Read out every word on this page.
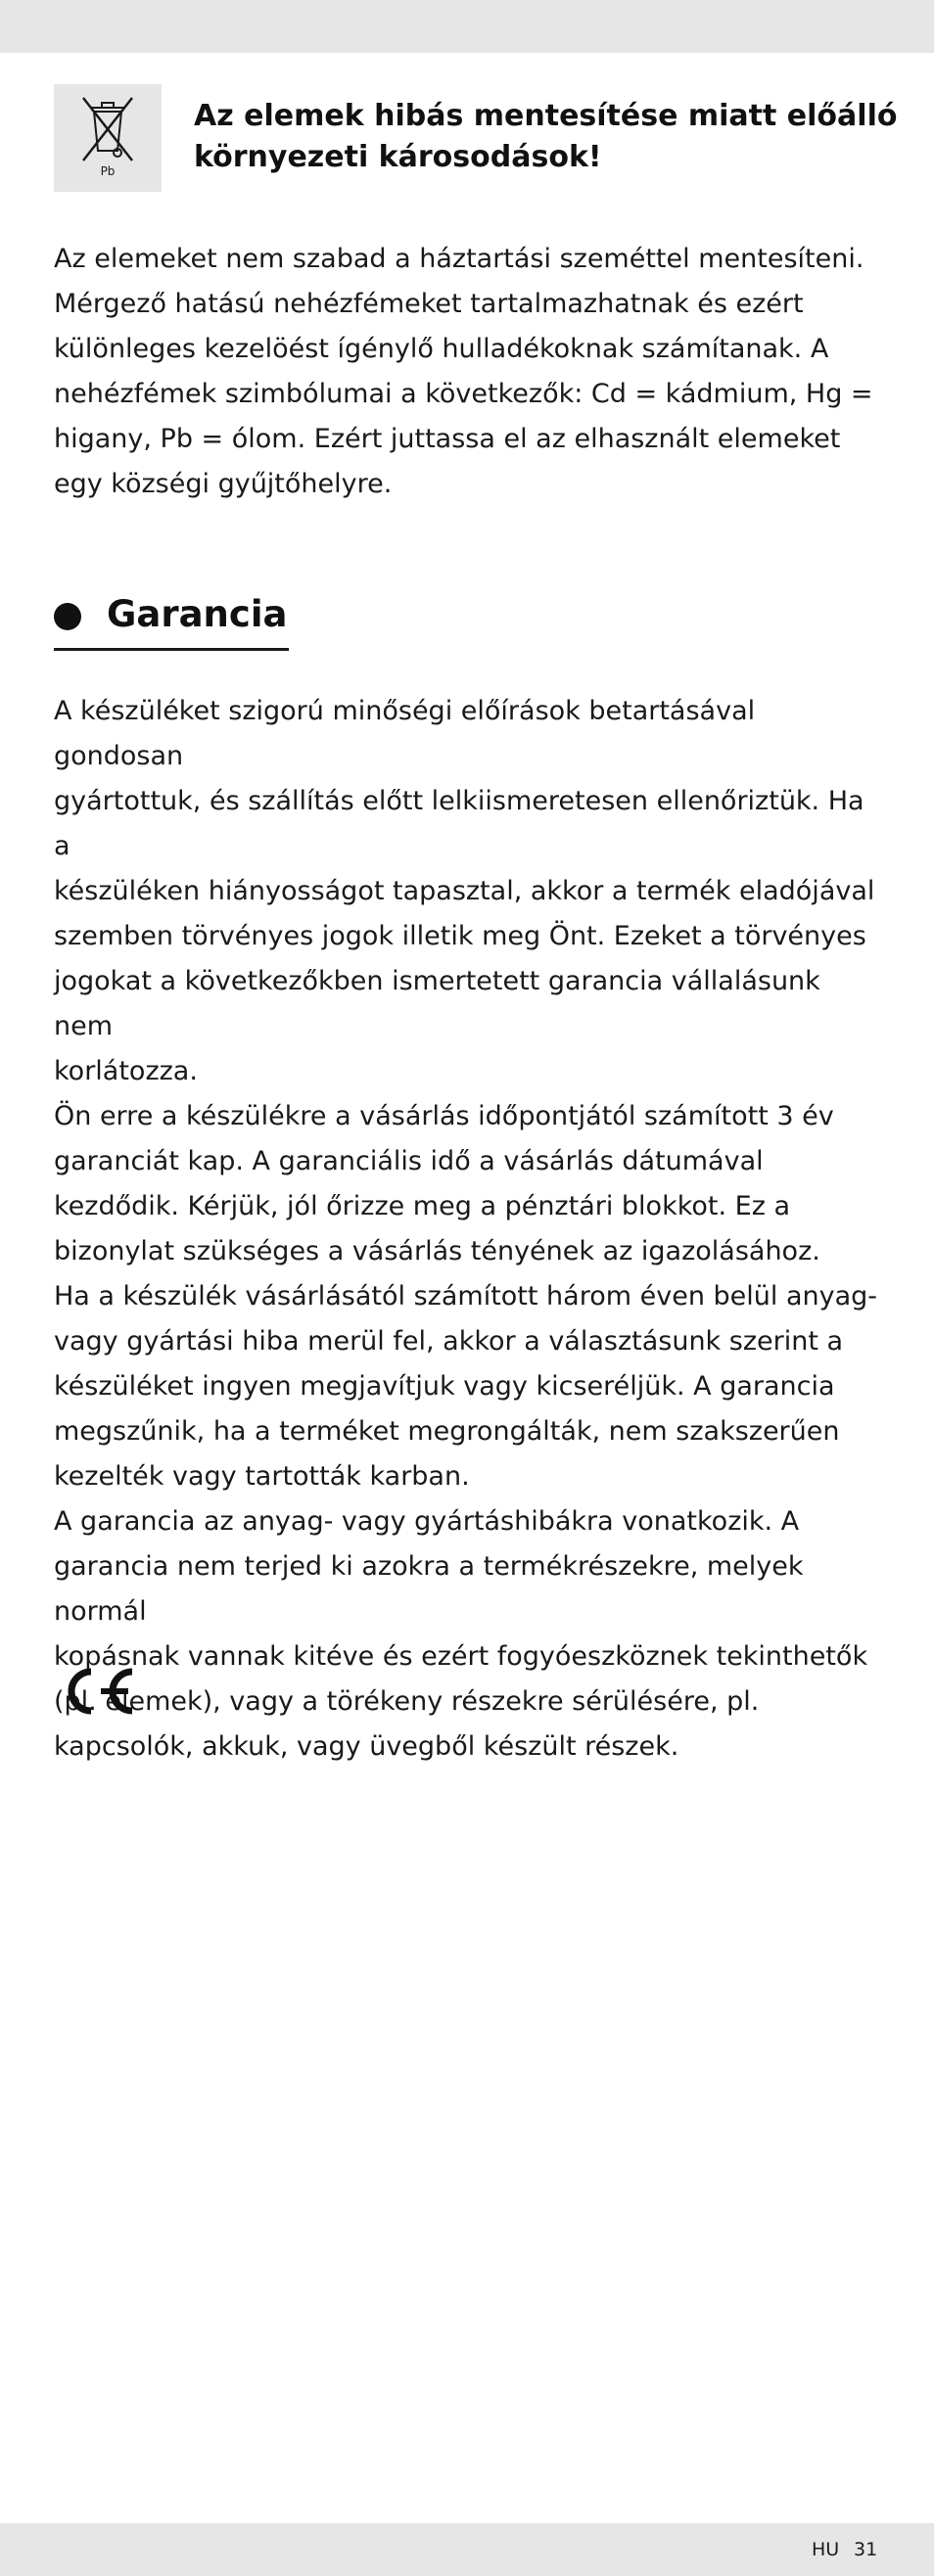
Pb
Az elemek hibás mentesítése miatt előálló környezeti károsodások!

Az elemeket nem szabad a háztartási szeméttel mentesíteni. Mérgező hatású nehézfémeket tartalmazhatnak és ezért különleges kezelöést ígénylő hulladékoknak számítanak. A nehézfémek szimbólumai a következők: Cd = kádmium, Hg = higany, Pb = ólom. Ezért juttassa el az elhasznált elemeket egy községi gyűjtőhelyre.

Garancia

A készüléket szigorú minőségi előírások betartásával gondosan
gyártottuk, és szállítás előtt lelkiismeretesen ellenőriztük. Ha a
készüléken hiányosságot tapasztal, akkor a termék eladójával
szemben törvényes jogok illetik meg Önt. Ezeket a törvényes
jogokat a következőkben ismertetett garancia vállalásunk nem
korlátozza.
Ön erre a készülékre a vásárlás időpontjától számított 3 év
garanciát kap. A garanciális idő a vásárlás dátumával
kezdődik. Kérjük, jól őrizze meg a pénztári blokkot. Ez a
bizonylat szükséges a vásárlás tényének az igazolásához.
Ha a készülék vásárlásától számított három éven belül anyag-
vagy gyártási hiba merül fel, akkor a választásunk szerint a
készüléket ingyen megjavítjuk vagy kicseréljük. A garancia
megszűnik, ha a terméket megrongálták, nem szakszerűen
kezelték vagy tartották karban.
A garancia az anyag- vagy gyártáshibákra vonatkozik. A
garancia nem terjed ki azokra a termékrészekre, melyek normál
kopásnak vannak kitéve és ezért fogyóeszköznek tekinthetők
(pl. elemek), vagy a törékeny részekre sérülésére, pl.
kapcsolók, akkuk, vagy üvegből készült részek.

HU 31
